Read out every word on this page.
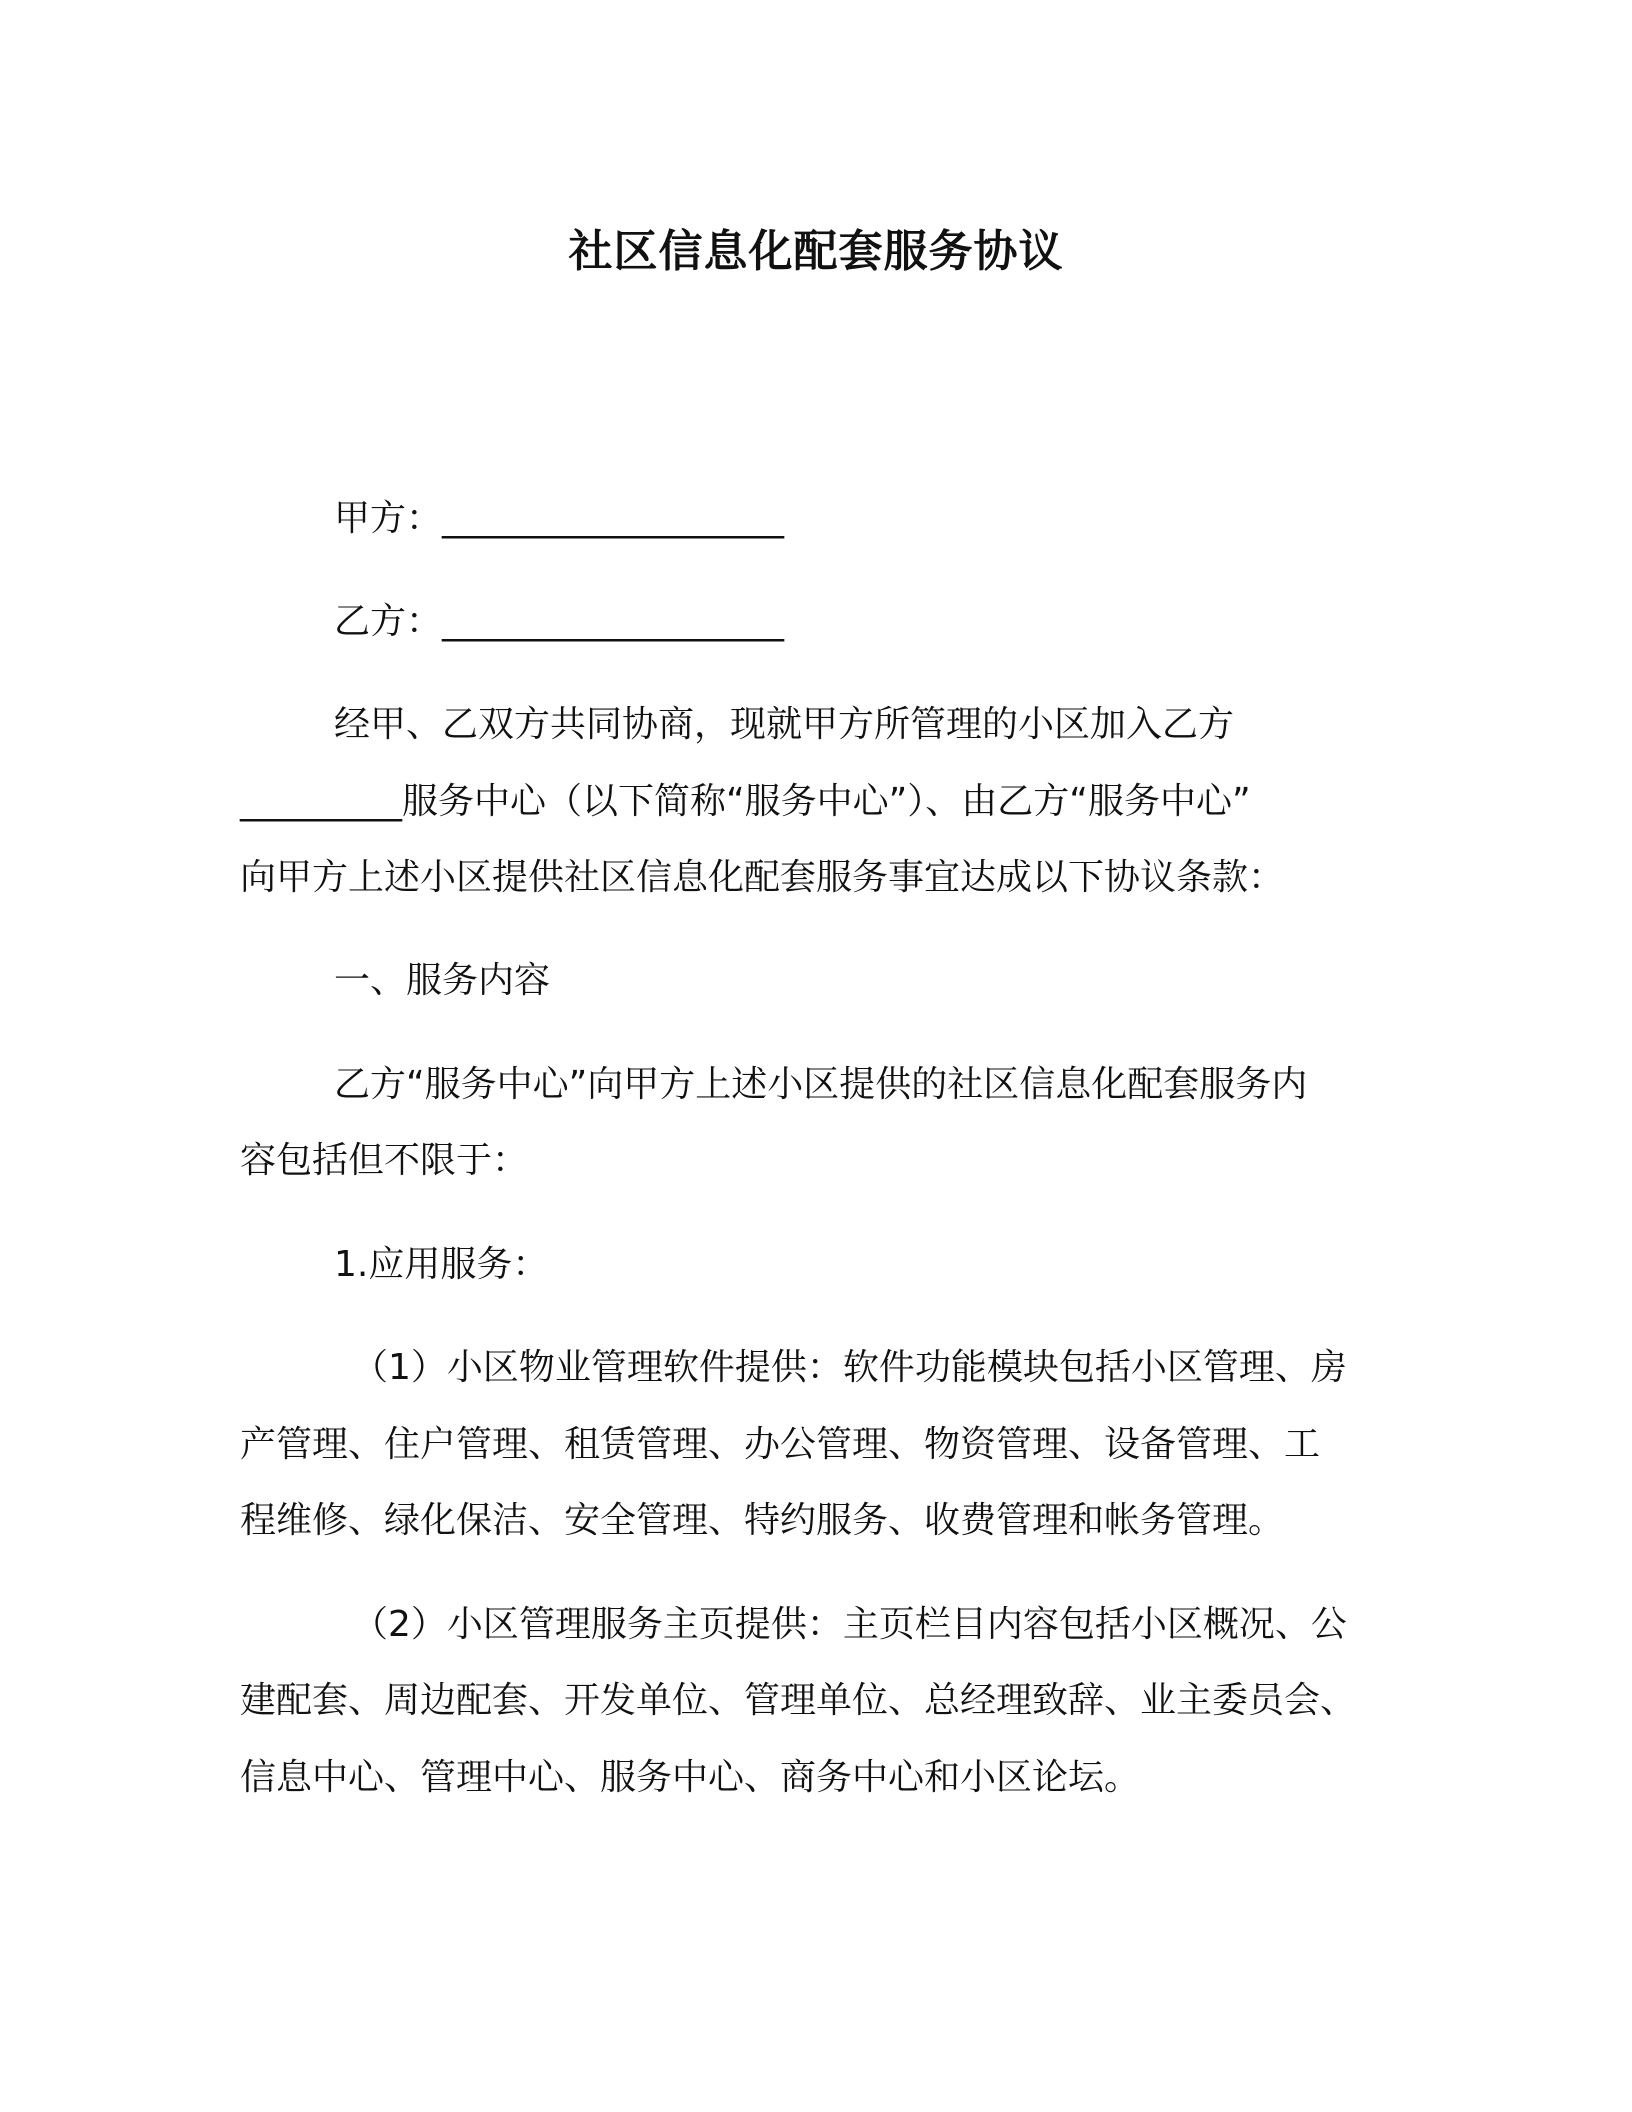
社区信息化配套服务协议

甲方：___________________

乙方：___________________

经甲、乙双方共同协商，现就甲方所管理的小区加入乙方

_________服务中心（以下简称“服务中心”）、由乙方“服务中心”

向甲方上述小区提供社区信息化配套服务事宜达成以下协议条款：

一、服务内容

乙方“服务中心”向甲方上述小区提供的社区信息化配套服务内

容包括但不限于：

1.应用服务：

（1）小区物业管理软件提供：软件功能模块包括小区管理、房

产管理、住户管理、租赁管理、办公管理、物资管理、设备管理、工

程维修、绿化保洁、安全管理、特约服务、收费管理和帐务管理。

（2）小区管理服务主页提供：主页栏目内容包括小区概况、公

建配套、周边配套、开发单位、管理单位、总经理致辞、业主委员会、

信息中心、管理中心、服务中心、商务中心和小区论坛。
